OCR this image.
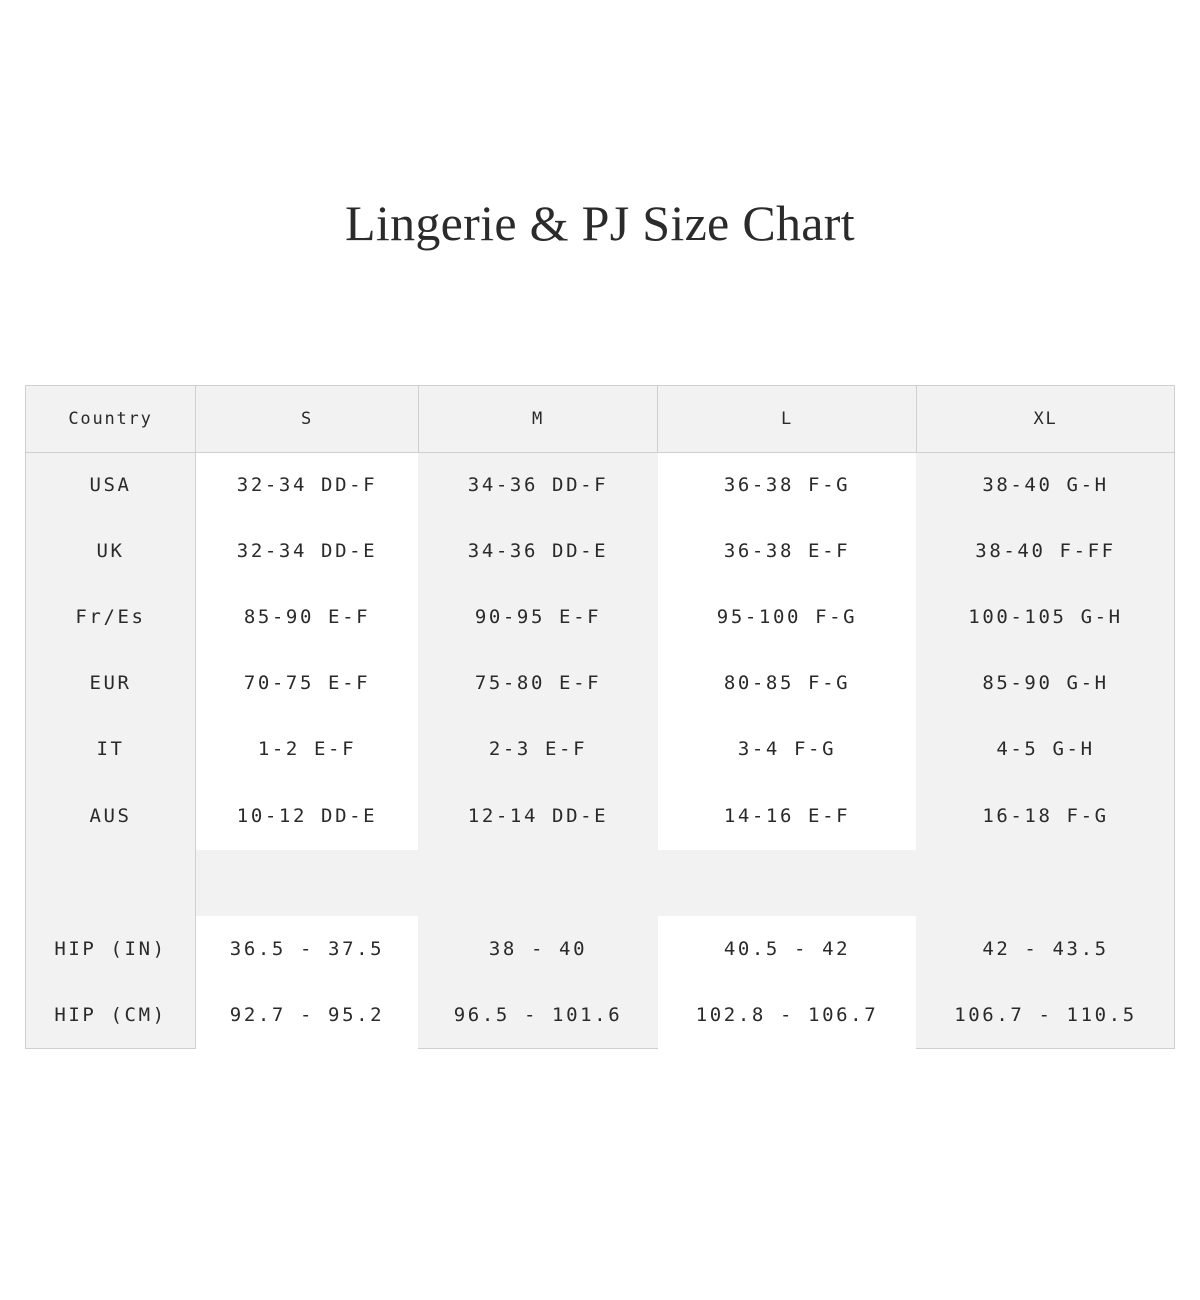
Lingerie & PJ Size Chart
Country	S	M	L	XL
USA	32-34 DD-F	34-36 DD-F	36-38 F-G	38-40 G-H
UK	32-34 DD-E	34-36 DD-E	36-38 E-F	38-40 F-FF
Fr/Es	85-90 E-F	90-95 E-F	95-100 F-G	100-105 G-H
EUR	70-75 E-F	75-80 E-F	80-85 F-G	85-90 G-H
IT	1-2 E-F	2-3 E-F	3-4 F-G	4-5 G-H
AUS	10-12 DD-E	12-14 DD-E	14-16 E-F	16-18 F-G
HIP (IN)	36.5 - 37.5	38 - 40	40.5 - 42	42 - 43.5
HIP (CM)	92.7 - 95.2	96.5 - 101.6	102.8 - 106.7	106.7 - 110.5
